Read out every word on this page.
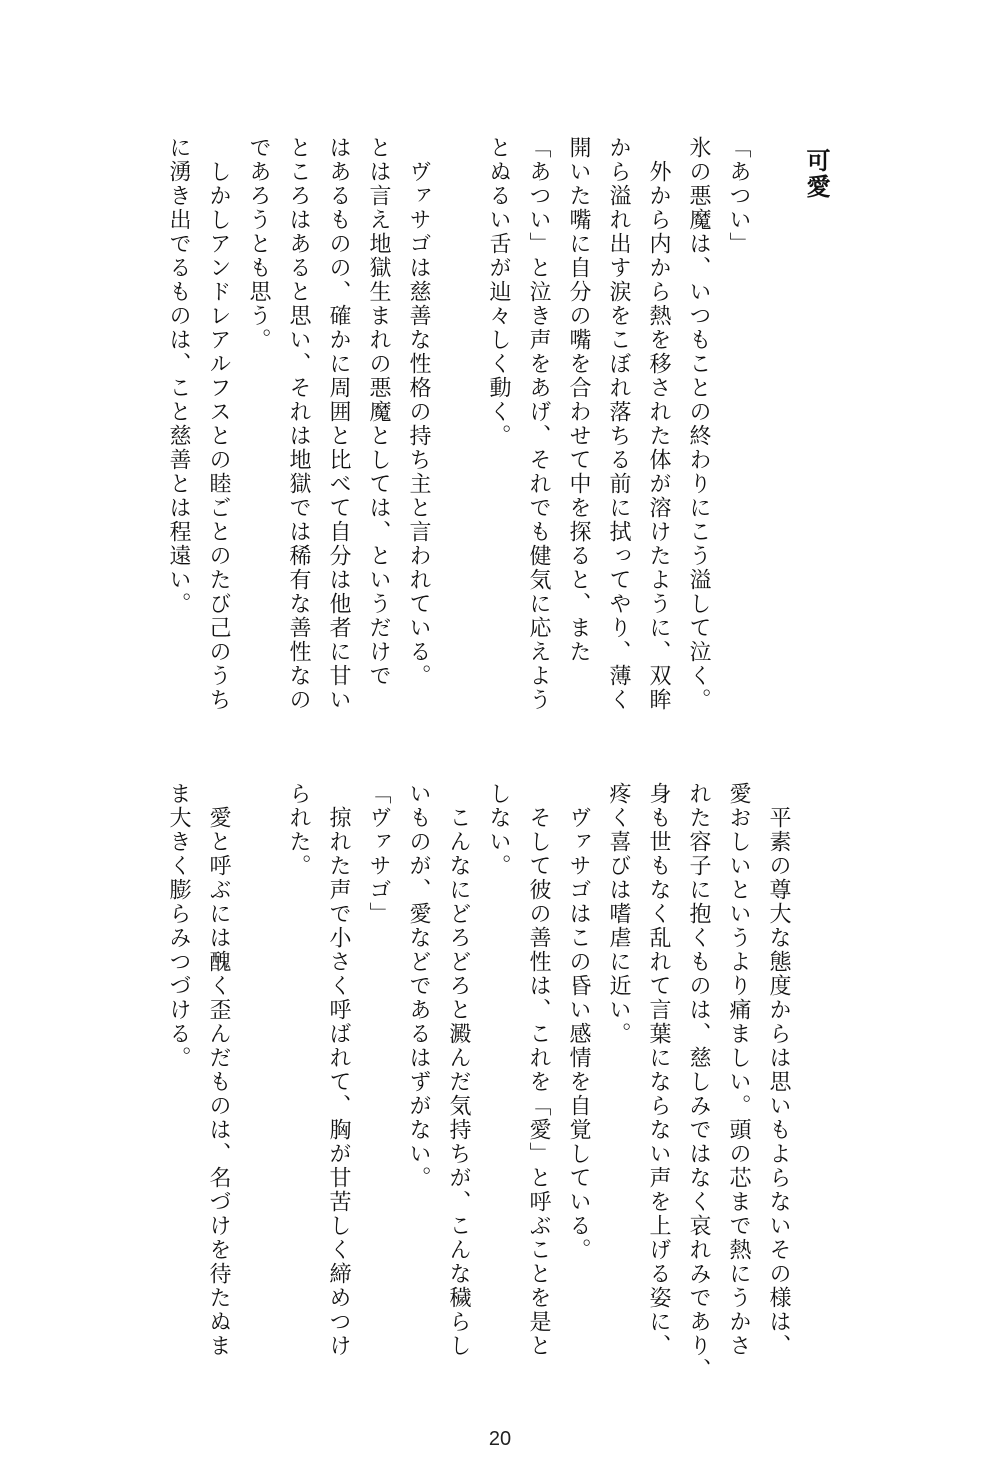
可愛
「あつい」
氷の悪魔は、いつもことの終わりにこう溢して泣く。
外から内から熱を移された体が溶けたように、双眸
から溢れ出す涙をこぼれ落ちる前に拭ってやり、薄く
開いた嘴に自分の嘴を合わせて中を探ると、また
「あつい」と泣き声をあげ、それでも健気に応えよう
とぬるい舌が辿々しく動く。
ヴァサゴは慈善な性格の持ち主と言われている。
とは言え地獄生まれの悪魔としては、というだけで
はあるものの、確かに周囲と比べて自分は他者に甘い
ところはあると思い、それは地獄では稀有な善性なの
であろうとも思う。
しかしアンドレアルフスとの睦ごとのたび己のうち
に湧き出でるものは、こと慈善とは程遠い。
平素の尊大な態度からは思いもよらないその様は、
愛おしいというより痛ましい。頭の芯まで熱にうかさ
れた容子に抱くものは、慈しみではなく哀れみであり、
身も世もなく乱れて言葉にならない声を上げる姿に、
疼く喜びは嗜虐に近い。
ヴァサゴはこの昏い感情を自覚している。
そして彼の善性は、これを「愛」と呼ぶことを是と
しない。
こんなにどろどろと澱んだ気持ちが、こんな穢らし
いものが、愛などであるはずがない。
「ヴァサゴ」
掠れた声で小さく呼ばれて、胸が甘苦しく締めつけ
られた。
愛と呼ぶには醜く歪んだものは、名づけを待たぬま
ま大きく膨らみつづける。
20
